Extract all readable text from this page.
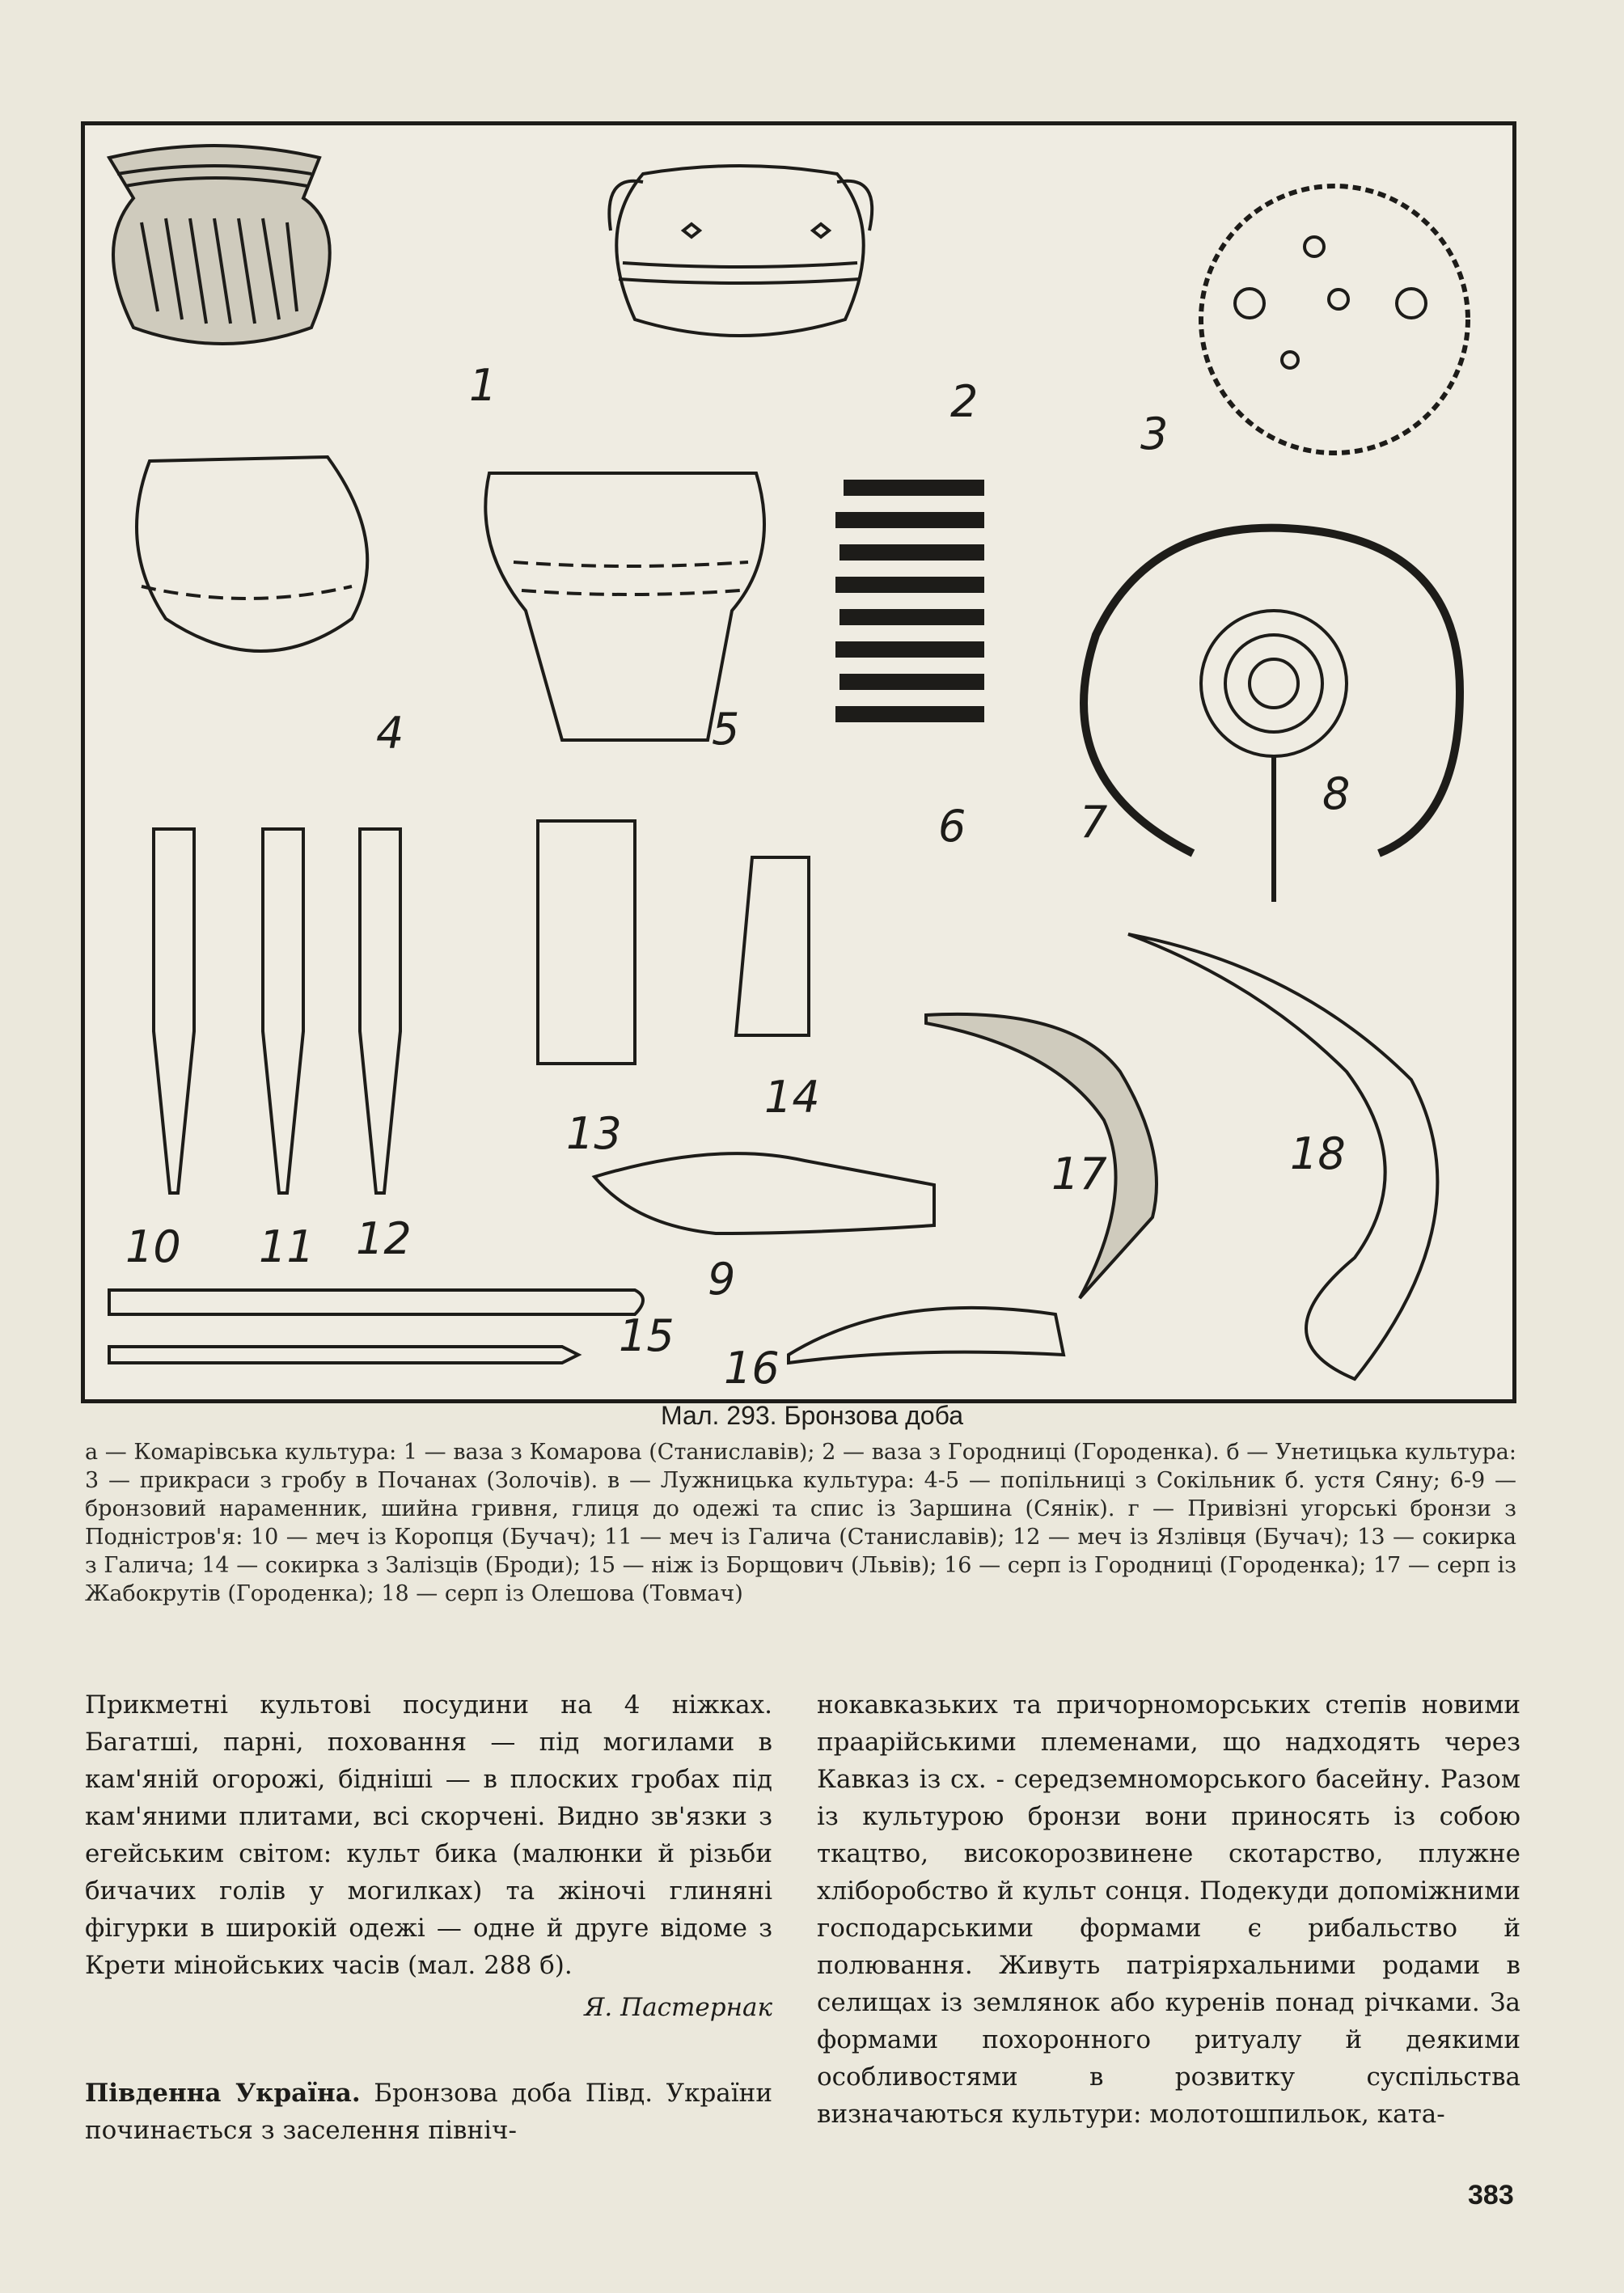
1	2
3
4	5
6	7
8
9
10 11 12
13
14
15
16
17	18
Мал. 293. Бронзова доба
а — Комарівська культура: 1 — ваза з Комарова (Станиславів); 2 — ваза з Городниці (Городенка). б — Унетицька культура: 3 — прикраси з гробу в Почанах (Золочів). в — Лужницька культура: 4-5 — попільниці з Сокільник б. устя Сяну; 6-9 — бронзовий нараменник, шийна гривня, глиця до одежі та спис із Заршина (Сянік). г — Привізні угорські бронзи з Подністров'я: 10 — меч із Коропця (Бучач); 11 — меч із Галича (Станиславів); 12 — меч із Язлівця (Бучач); 13 — сокирка з Галича; 14 — сокирка з Залізців (Броди); 15 — ніж із Борщович (Львів); 16 — серп із Городниці (Городенка); 17 — серп із Жабокрутів (Городенка); 18 — серп із Олешова (Товмач)
Прикметні культові посудини на 4 ніжках. Багатші, парні, поховання — під могилами в кам'яній огорожі, бідніші — в плоских гробах під кам'яними плитами, всі скорчені. Видно зв'язки з егейським світом: культ бика (малюнки й різьби бичачих голів у могилках) та жіночі глиняні фігурки в широкій одежі — одне й друге відоме з Крети мінойських часів (мал. 288 б).
Я. Пастернак
Південна Україна. Бронзова доба Півд. України починається з заселення північ-
нокавказьких та причорноморських степів новими праарійськими племенами, що надходять через Кавказ із сх. - середземноморського басейну. Разом із культурою бронзи вони приносять із собою ткацтво, високорозвинене скотарство, плужне хліборобство й культ сонця. Подекуди допоміжними господарськими формами є рибальство й полювання. Живуть патріярхальними родами в селищах із землянок або куренів понад річками. За формами похоронного ритуалу й деякими особливостями в розвитку суспільства визначаються культури: молотошпильок, ката-
383
